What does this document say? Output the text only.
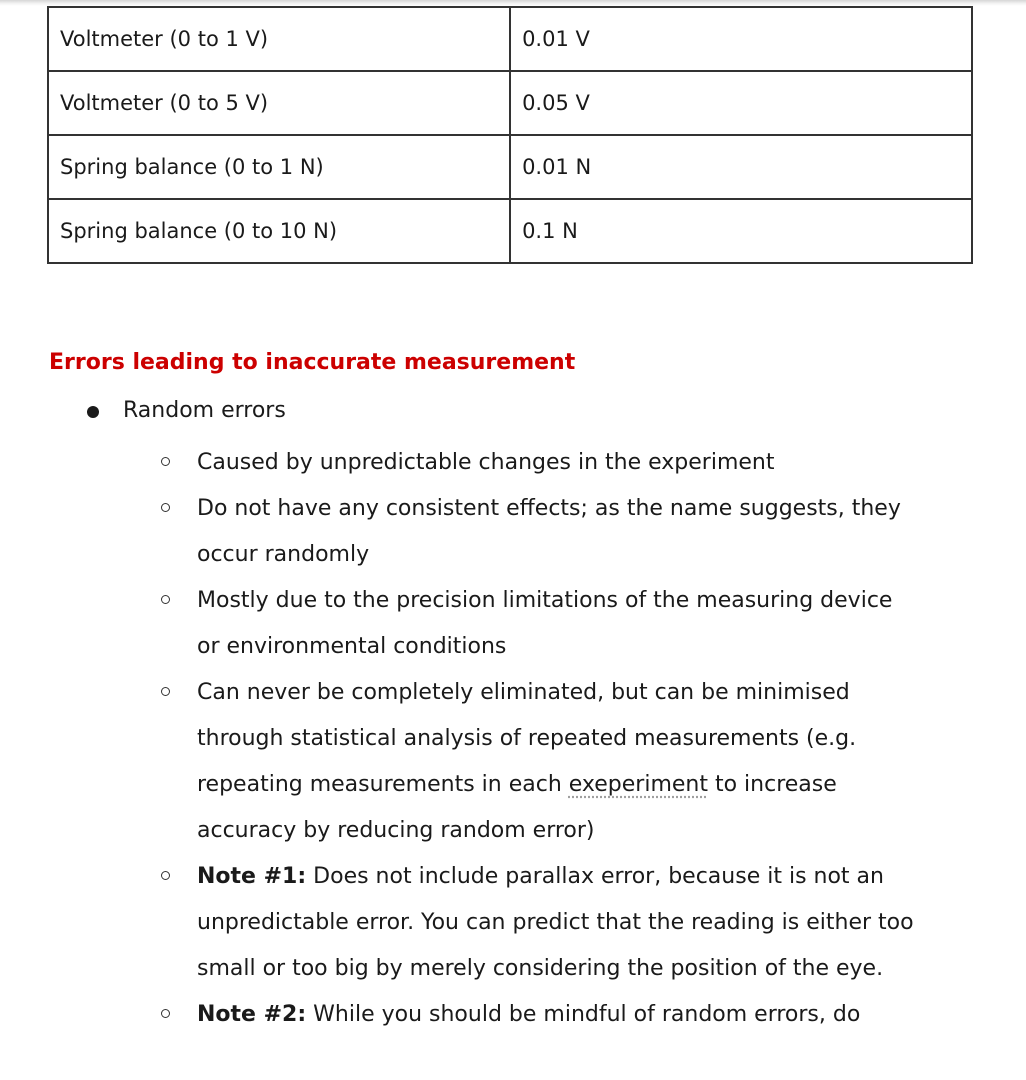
Voltmeter (0 to 1 V)	0.01 V
Voltmeter (0 to 5 V)	0.05 V
Spring balance (0 to 1 N)	0.01 N
Spring balance (0 to 10 N)	0.1 N
Errors leading to inaccurate measurement
Random errors
Caused by unpredictable changes in the experiment
Do not have any consistent effects; as the name suggests, they occur randomly
Mostly due to the precision limitations of the measuring device or environmental conditions
Can never be completely eliminated, but can be minimised through statistical analysis of repeated measurements (e.g. repeating measurements in each exeperiment to increase accuracy by reducing random error)
Note #1: Does not include parallax error, because it is not an unpredictable error. You can predict that the reading is either too small or too big by merely considering the position of the eye.
Note #2: While you should be mindful of random errors, do
